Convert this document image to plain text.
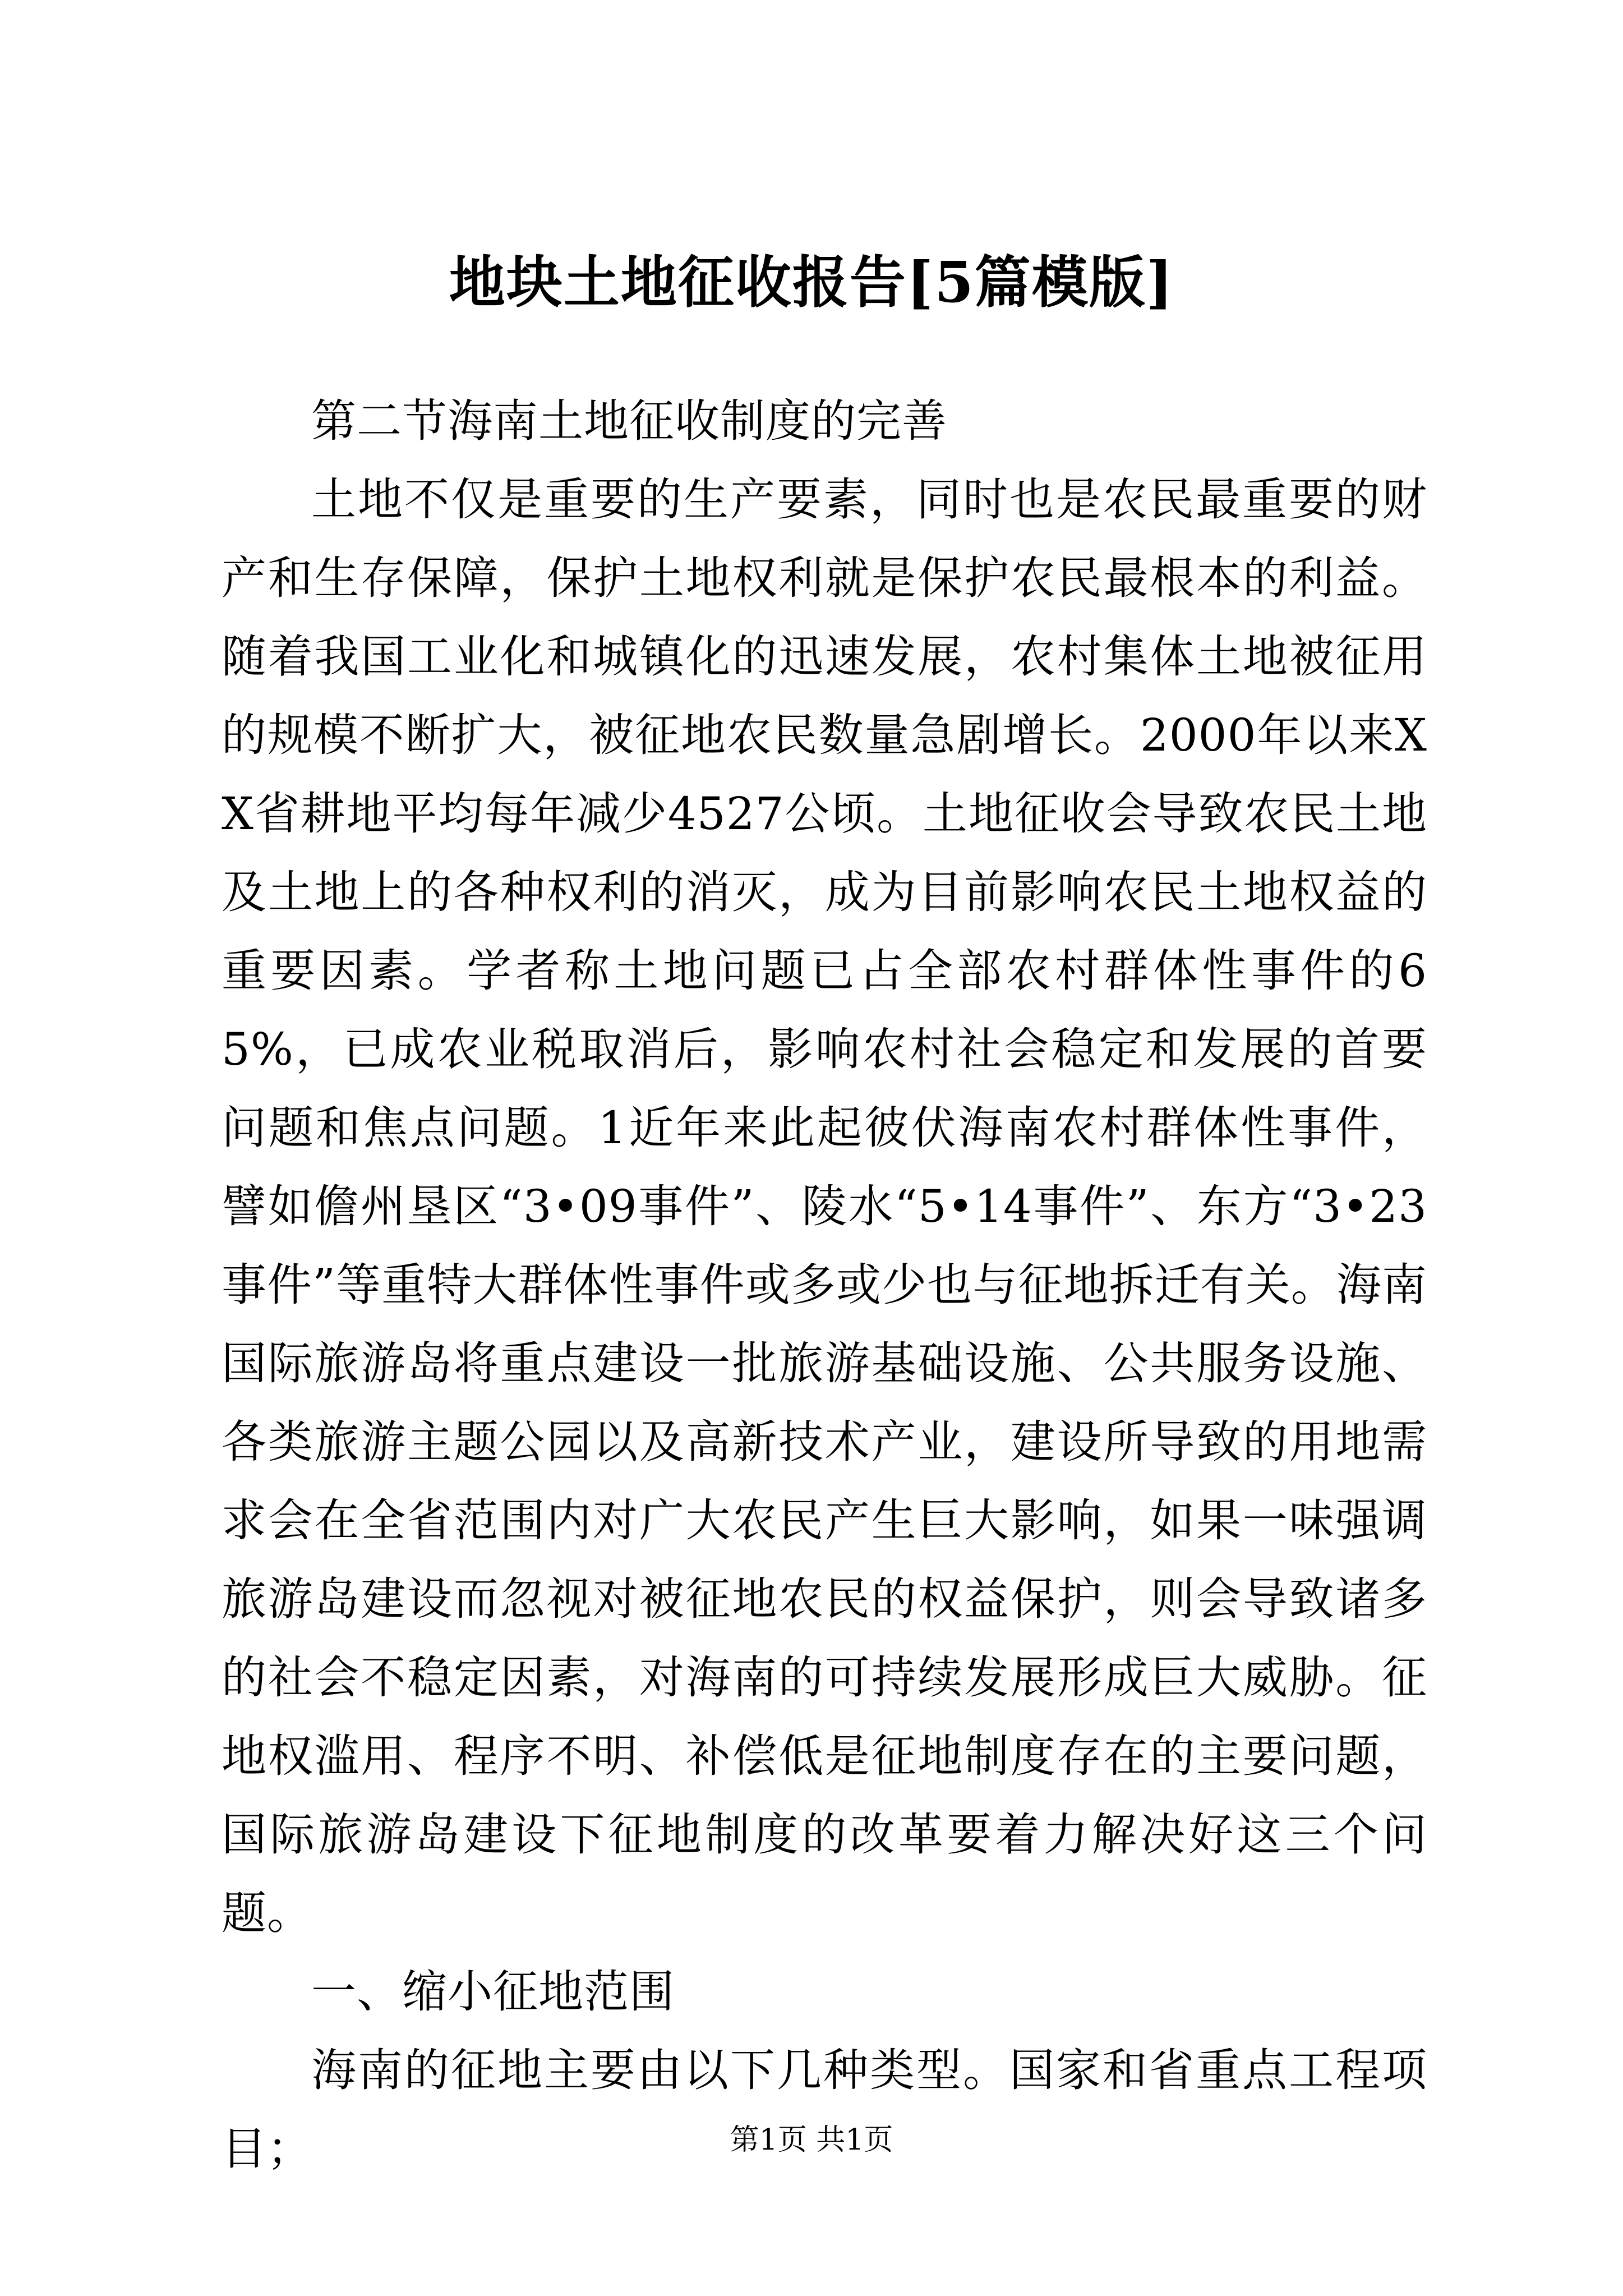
地块土地征收报告[5篇模版]

第二节海南土地征收制度的完善

土地不仅是重要的生产要素，同时也是农民最重要的财产和生存保障，保护土地权利就是保护农民最根本的利益。随着我国工业化和城镇化的迅速发展，农村集体土地被征用的规模不断扩大，被征地农民数量急剧增长。2000年以来XX省耕地平均每年减少4527公顷。土地征收会导致农民土地及土地上的各种权利的消灭，成为目前影响农民土地权益的重要因素。学者称土地问题已占全部农村群体性事件的65%，已成农业税取消后，影响农村社会稳定和发展的首要问题和焦点问题。1近年来此起彼伏海南农村群体性事件，譬如儋州垦区“3•09事件”、陵水“5•14事件”、东方“3•23事件”等重特大群体性事件或多或少也与征地拆迁有关。海南国际旅游岛将重点建设一批旅游基础设施、公共服务设施、各类旅游主题公园以及高新技术产业，建设所导致的用地需求会在全省范围内对广大农民产生巨大影响，如果一味强调旅游岛建设而忽视对被征地农民的权益保护，则会导致诸多的社会不稳定因素，对海南的可持续发展形成巨大威胁。征地权滥用、程序不明、补偿低是征地制度存在的主要问题，国际旅游岛建设下征地制度的改革要着力解决好这三个问题。

一、缩小征地范围

海南的征地主要由以下几种类型。国家和省重点工程项目；	第1页 共1页
